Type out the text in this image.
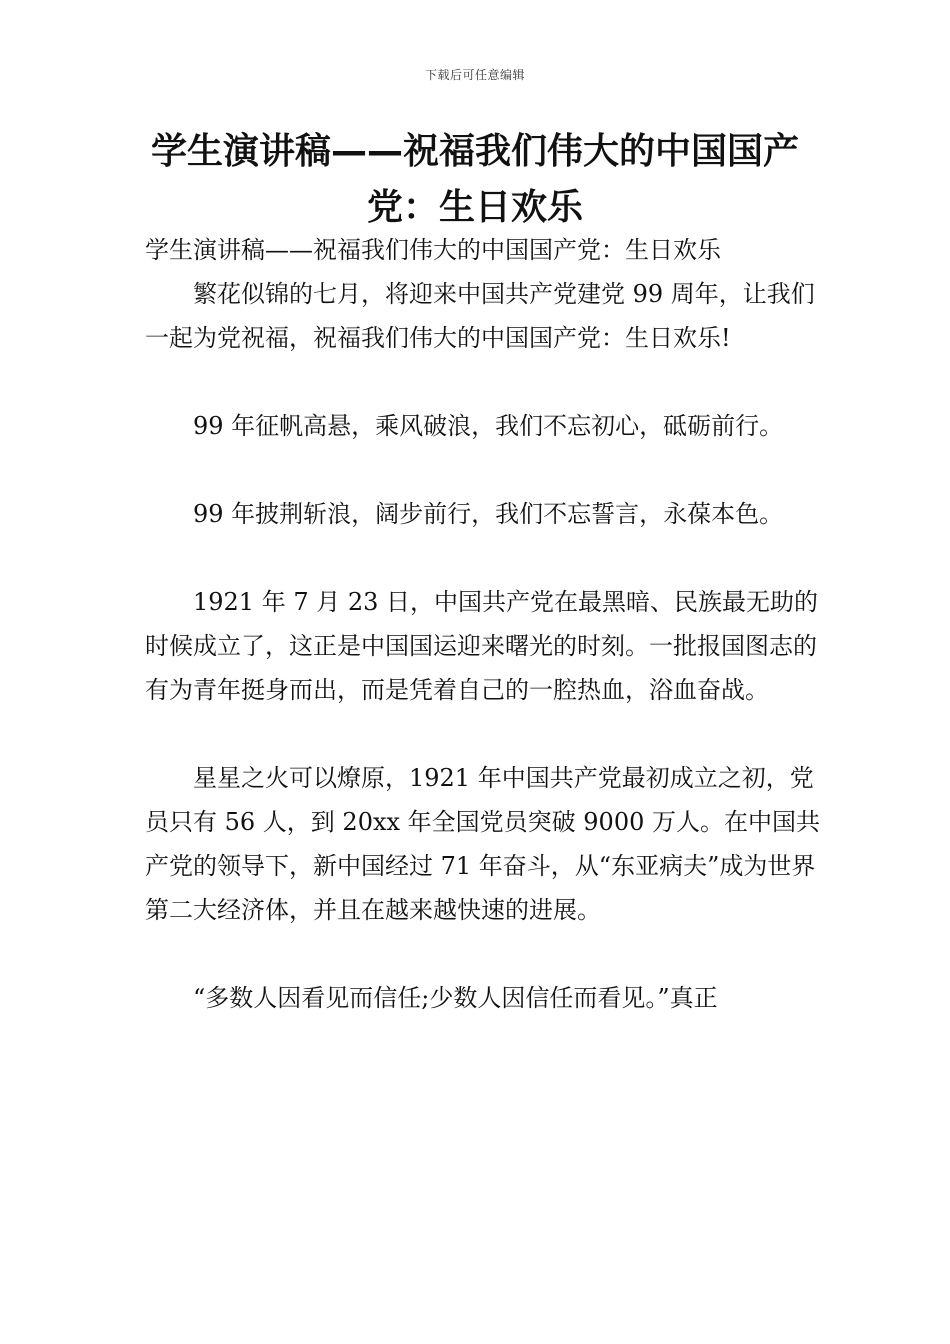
下载后可任意编辑
学生演讲稿——祝福我们伟大的中国国产党：生日欢乐

学生演讲稿——祝福我们伟大的中国国产党：生日欢乐

繁花似锦的七月，将迎来中国共产党建党 99 周年，让我们一起为党祝福，祝福我们伟大的中国国产党：生日欢乐!

99 年征帆高悬，乘风破浪，我们不忘初心，砥砺前行。

99 年披荆斩浪，阔步前行，我们不忘誓言，永葆本色。

1921 年 7 月 23 日，中国共产党在最黑暗、民族最无助的时候成立了，这正是中国国运迎来曙光的时刻。一批报国图志的有为青年挺身而出，而是凭着自己的一腔热血，浴血奋战。

星星之火可以燎原，1921 年中国共产党最初成立之初，党员只有 56 人，到 20xx 年全国党员突破 9000 万人。在中国共产党的领导下，新中国经过 71 年奋斗，从“东亚病夫”成为世界第二大经济体，并且在越来越快速的进展。

“多数人因看见而信任;少数人因信任而看见。”真正
